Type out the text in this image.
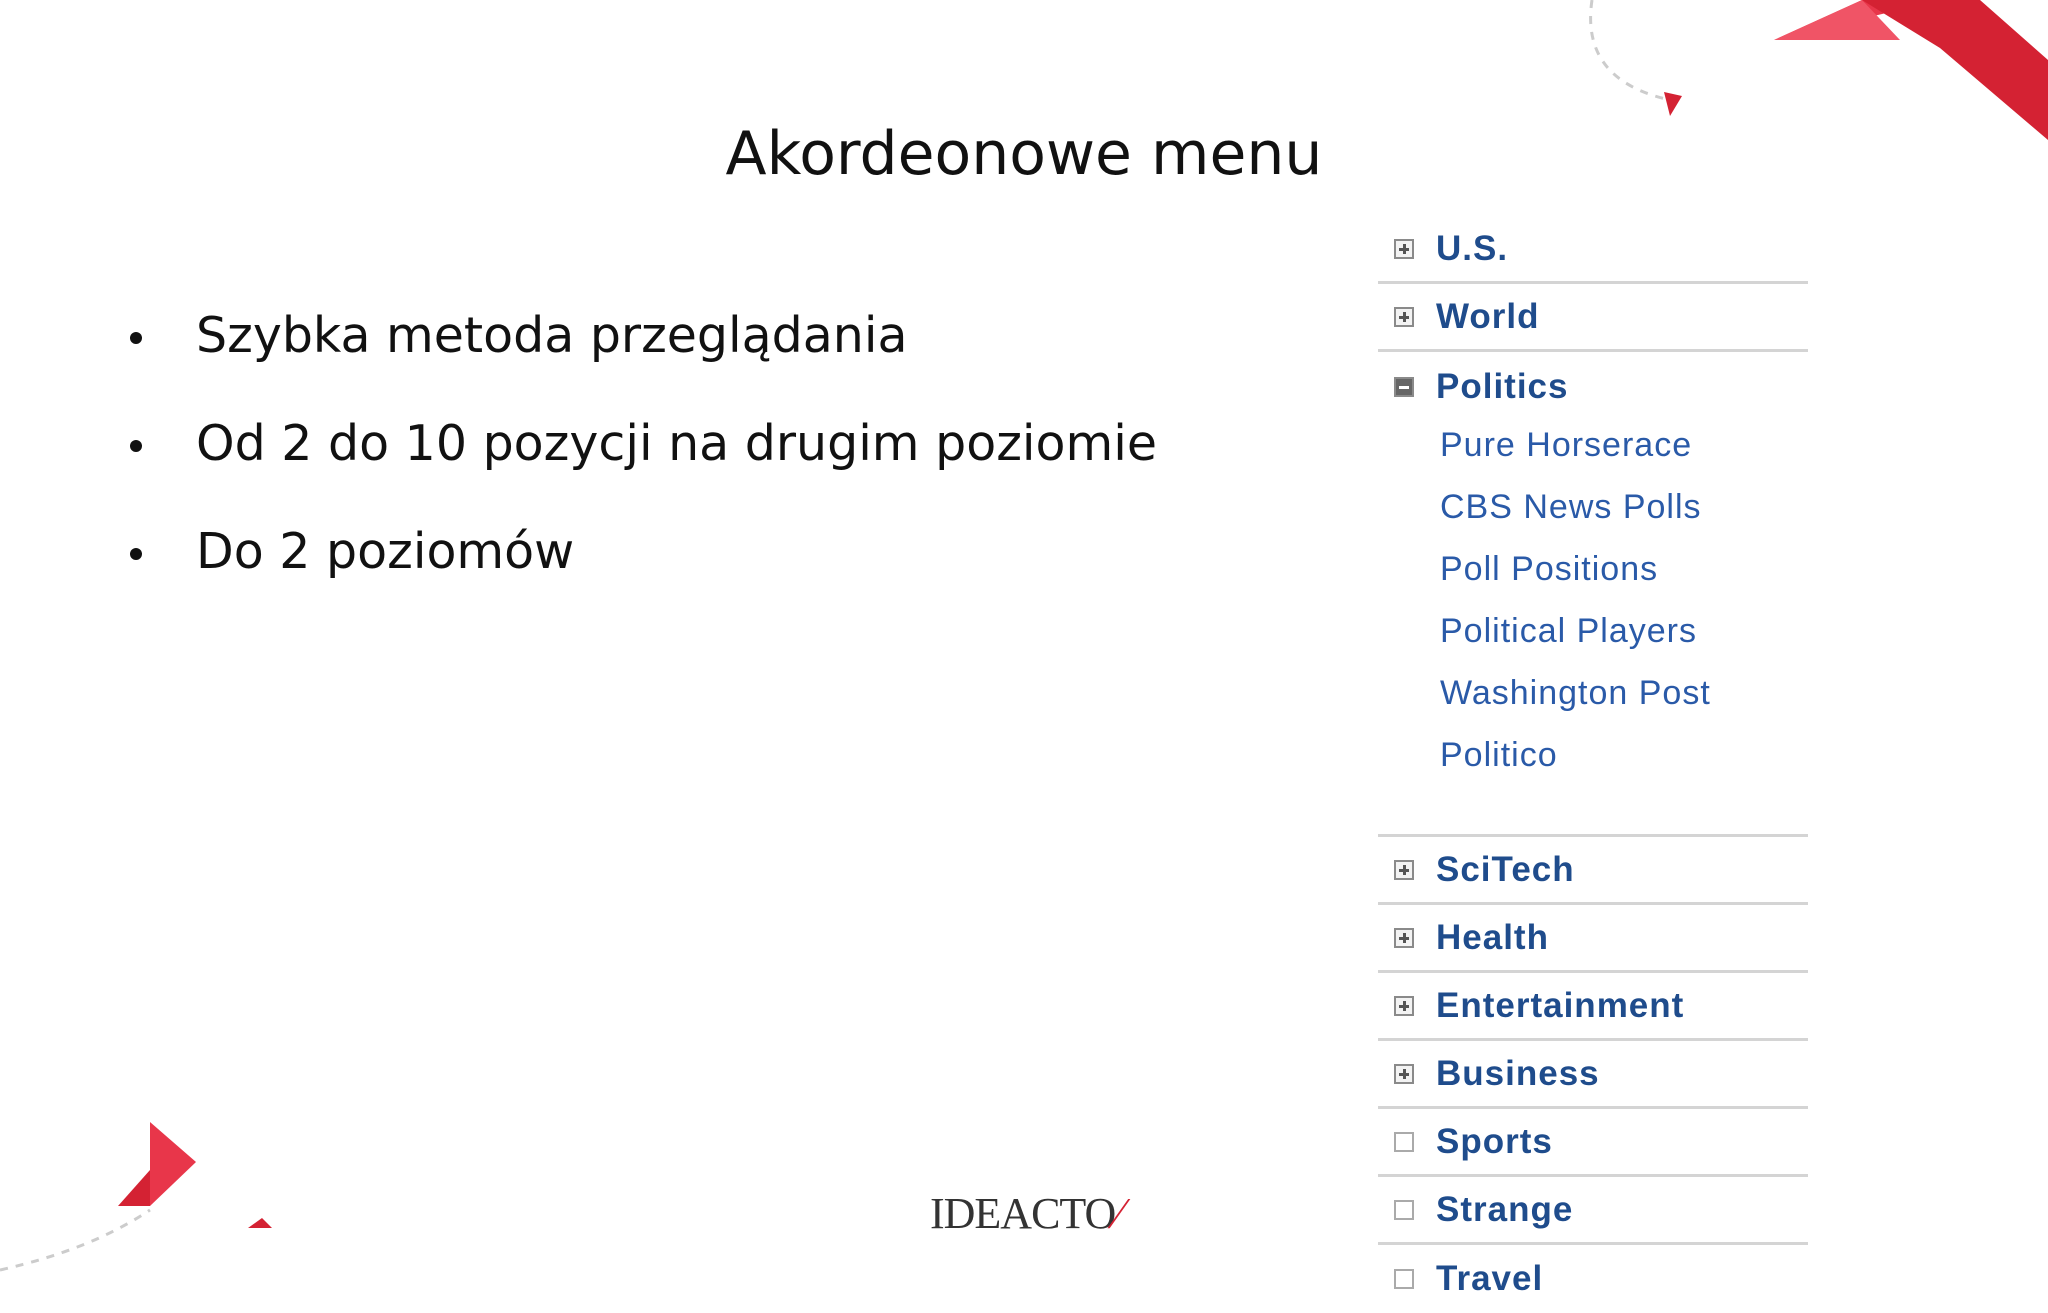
Akordeonowe menu
Szybka metoda przeglądania
Od 2 do 10 pozycji na drugim poziomie
Do 2 poziomów
U.S.
World
Politics
Pure Horserace
CBS News Polls
Poll Positions
Political Players
Washington Post
Politico
SciTech
Health
Entertainment
Business
Sports
Strange
Travel
IDEACTO⁄
